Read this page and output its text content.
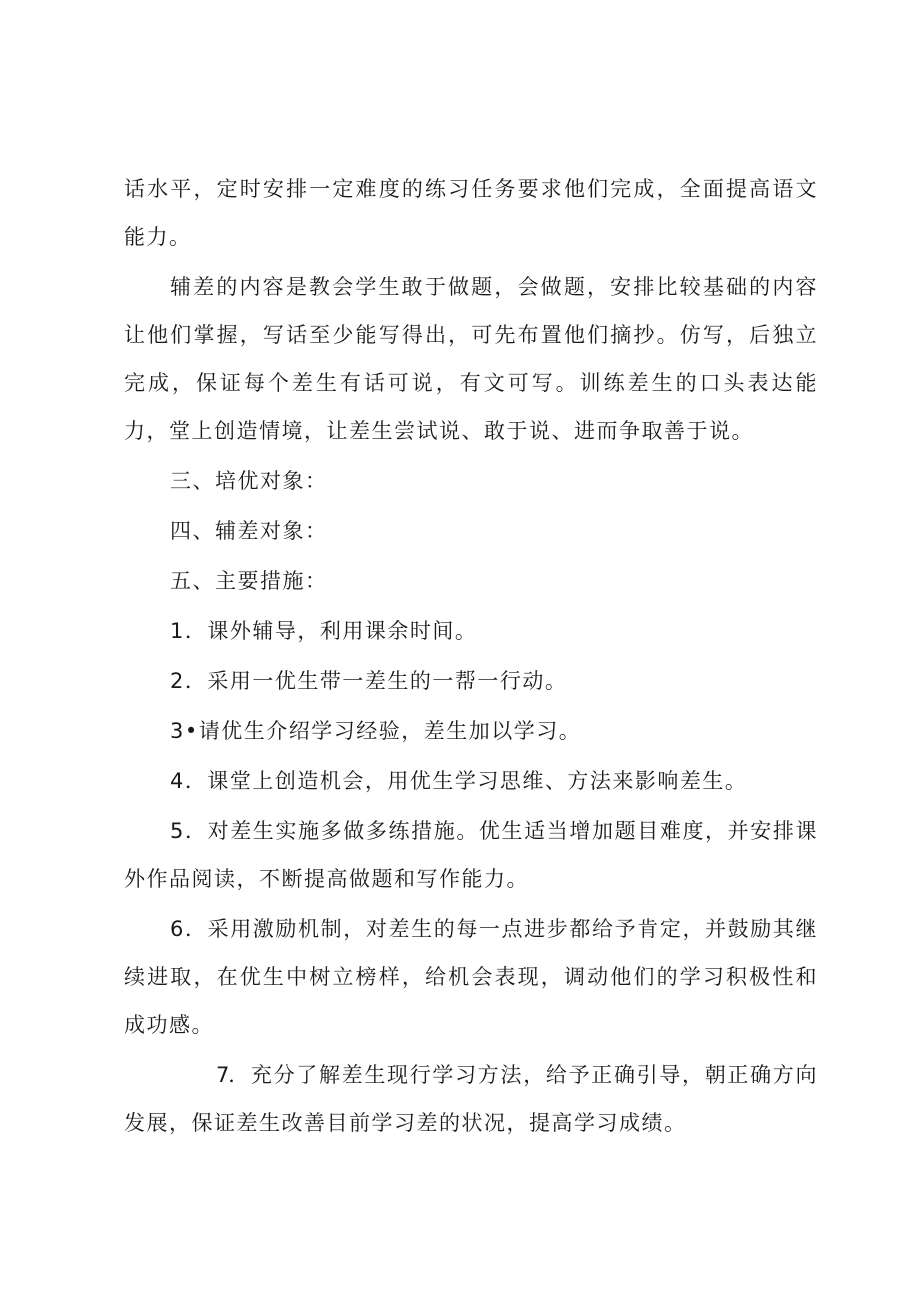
话水平，定时安排一定难度的练习任务要求他们完成，全面提高语文能力。

辅差的内容是教会学生敢于做题，会做题，安排比较基础的内容让他们掌握，写话至少能写得出，可先布置他们摘抄。仿写，后独立完成，保证每个差生有话可说，有文可写。训练差生的口头表达能力，堂上创造情境，让差生尝试说、敢于说、进而争取善于说。

三、培优对象：

四、辅差对象：

五、主要措施：

1．课外辅导，利用课余时间。

2．采用一优生带一差生的一帮一行动。

3•请优生介绍学习经验，差生加以学习。

4．课堂上创造机会，用优生学习思维、方法来影响差生。

5．对差生实施多做多练措施。优生适当增加题目难度，并安排课外作品阅读，不断提高做题和写作能力。

6．采用激励机制，对差生的每一点进步都给予肯定，并鼓励其继续进取，在优生中树立榜样，给机会表现，调动他们的学习积极性和成功感。

7．充分了解差生现行学习方法，给予正确引导，朝正确方向发展，保证差生改善目前学习差的状况，提高学习成绩。
